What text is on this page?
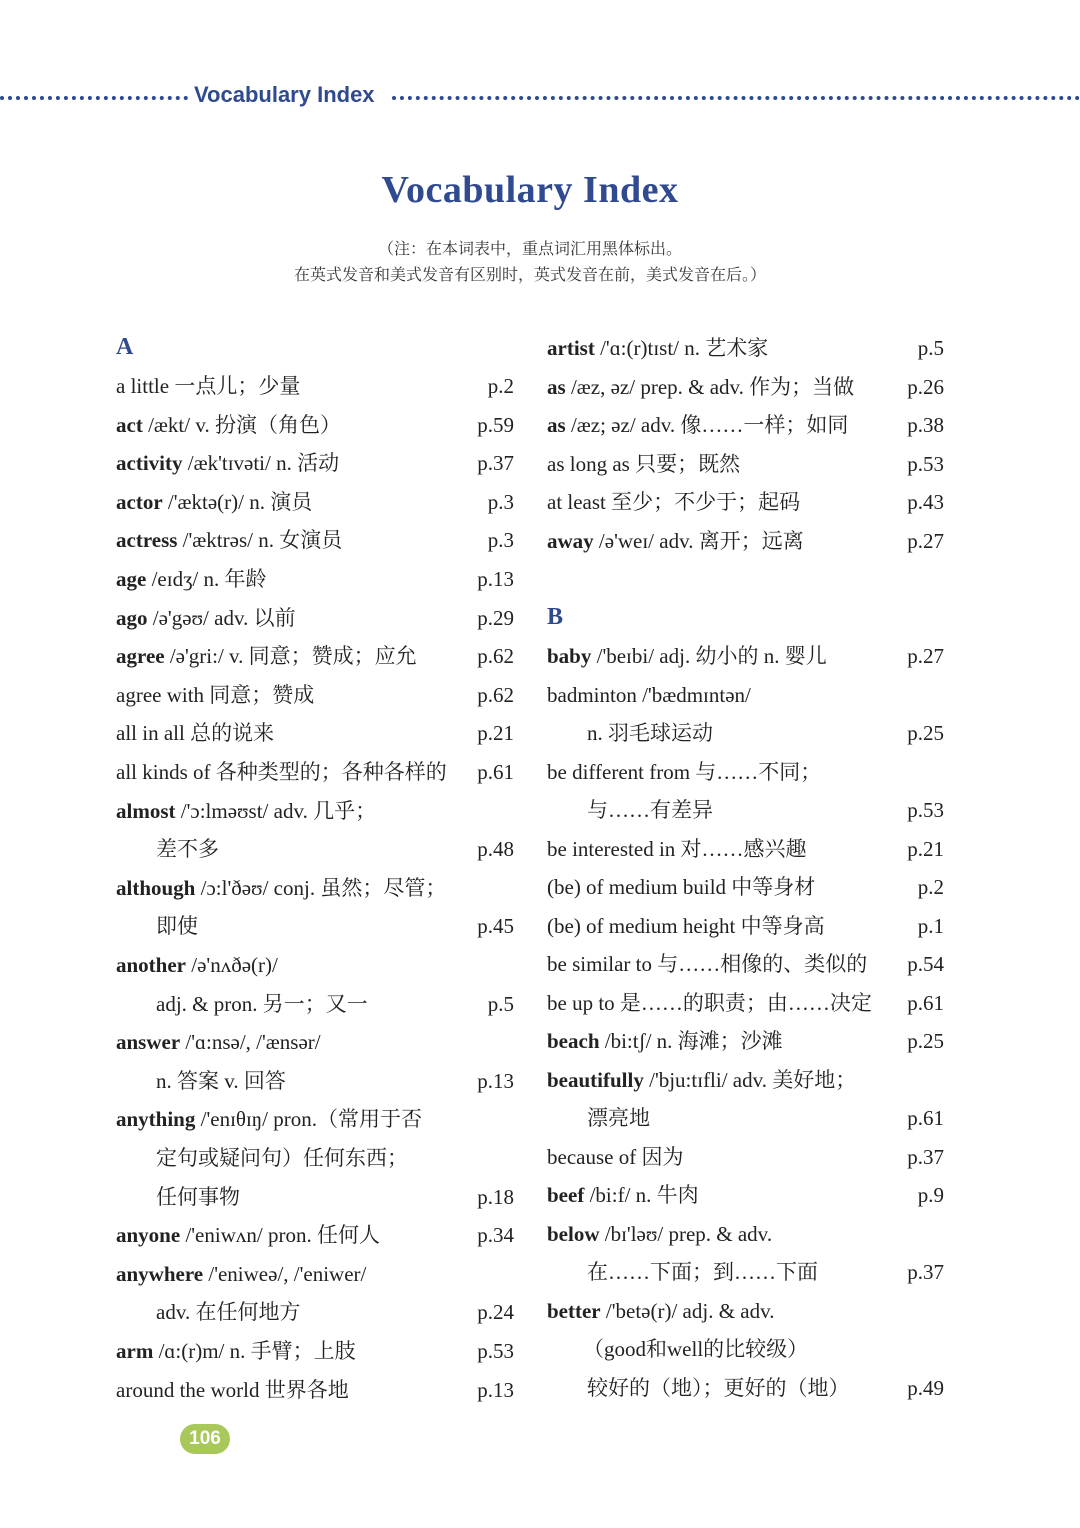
Vocabulary Index
Vocabulary Index
（注：在本词表中，重点词汇用黑体标出。
在英式发音和美式发音有区别时，英式发音在前，美式发音在后。）
A
a little 一点儿；少量	p.2
act /ækt/ v. 扮演（角色）	p.59
activity /æk'tɪvəti/ n. 活动	p.37
actor /'æktə(r)/ n. 演员	p.3
actress /'æktrəs/ n. 女演员	p.3
age /eɪdʒ/ n. 年龄	p.13
ago /ə'gəʊ/ adv. 以前	p.29
agree /ə'gri:/ v. 同意；赞成；应允	p.62
agree with 同意；赞成	p.62
all in all 总的说来	p.21
all kinds of 各种类型的；各种各样的 p.61
almost /'ɔ:lməʊst/ adv. 几乎；
差不多	p.48
although /ɔ:l'ðəʊ/ conj. 虽然；尽管；
即使	p.45
another /ə'nʌðə(r)/
adj. & pron. 另一；又一	p.5
answer /'ɑ:nsə/, /'ænsər/
n. 答案 v. 回答	p.13
anything /'enɪθɪŋ/ pron.（常用于否
定句或疑问句）任何东西；
任何事物	p.18
anyone /'eniwʌn/ pron. 任何人	p.34
anywhere /'eniweə/, /'eniwer/
adv. 在任何地方	p.24
arm /ɑ:(r)m/ n. 手臂；上肢	p.53
around the world 世界各地	p.13
artist /'ɑ:(r)tɪst/ n. 艺术家	p.5
as /æz, əz/ prep. & adv. 作为；当做	p.26
as /æz; əz/ adv. 像……一样；如同	p.38
as long as 只要；既然	p.53
at least 至少；不少于；起码	p.43
away /ə'weɪ/ adv. 离开；远离	p.27
B
baby /'beɪbi/ adj. 幼小的 n. 婴儿	p.27
badminton /'bædmɪntən/
n. 羽毛球运动	p.25
be different from 与……不同；
与……有差异	p.53
be interested in 对……感兴趣	p.21
(be) of medium build 中等身材	p.2
(be) of medium height 中等身高	p.1
be similar to 与……相像的、类似的 p.54
be up to 是……的职责；由……决定 p.61
beach /bi:tʃ/ n. 海滩；沙滩	p.25
beautifully /'bju:tɪfli/ adv. 美好地；
漂亮地	p.61
because of 因为	p.37
beef /bi:f/ n. 牛肉	p.9
below /bɪ'ləʊ/ prep. & adv.
在……下面；到……下面	p.37
better /'betə(r)/ adj. & adv.
（good和well的比较级）
较好的（地）；更好的（地）	p.49
106
